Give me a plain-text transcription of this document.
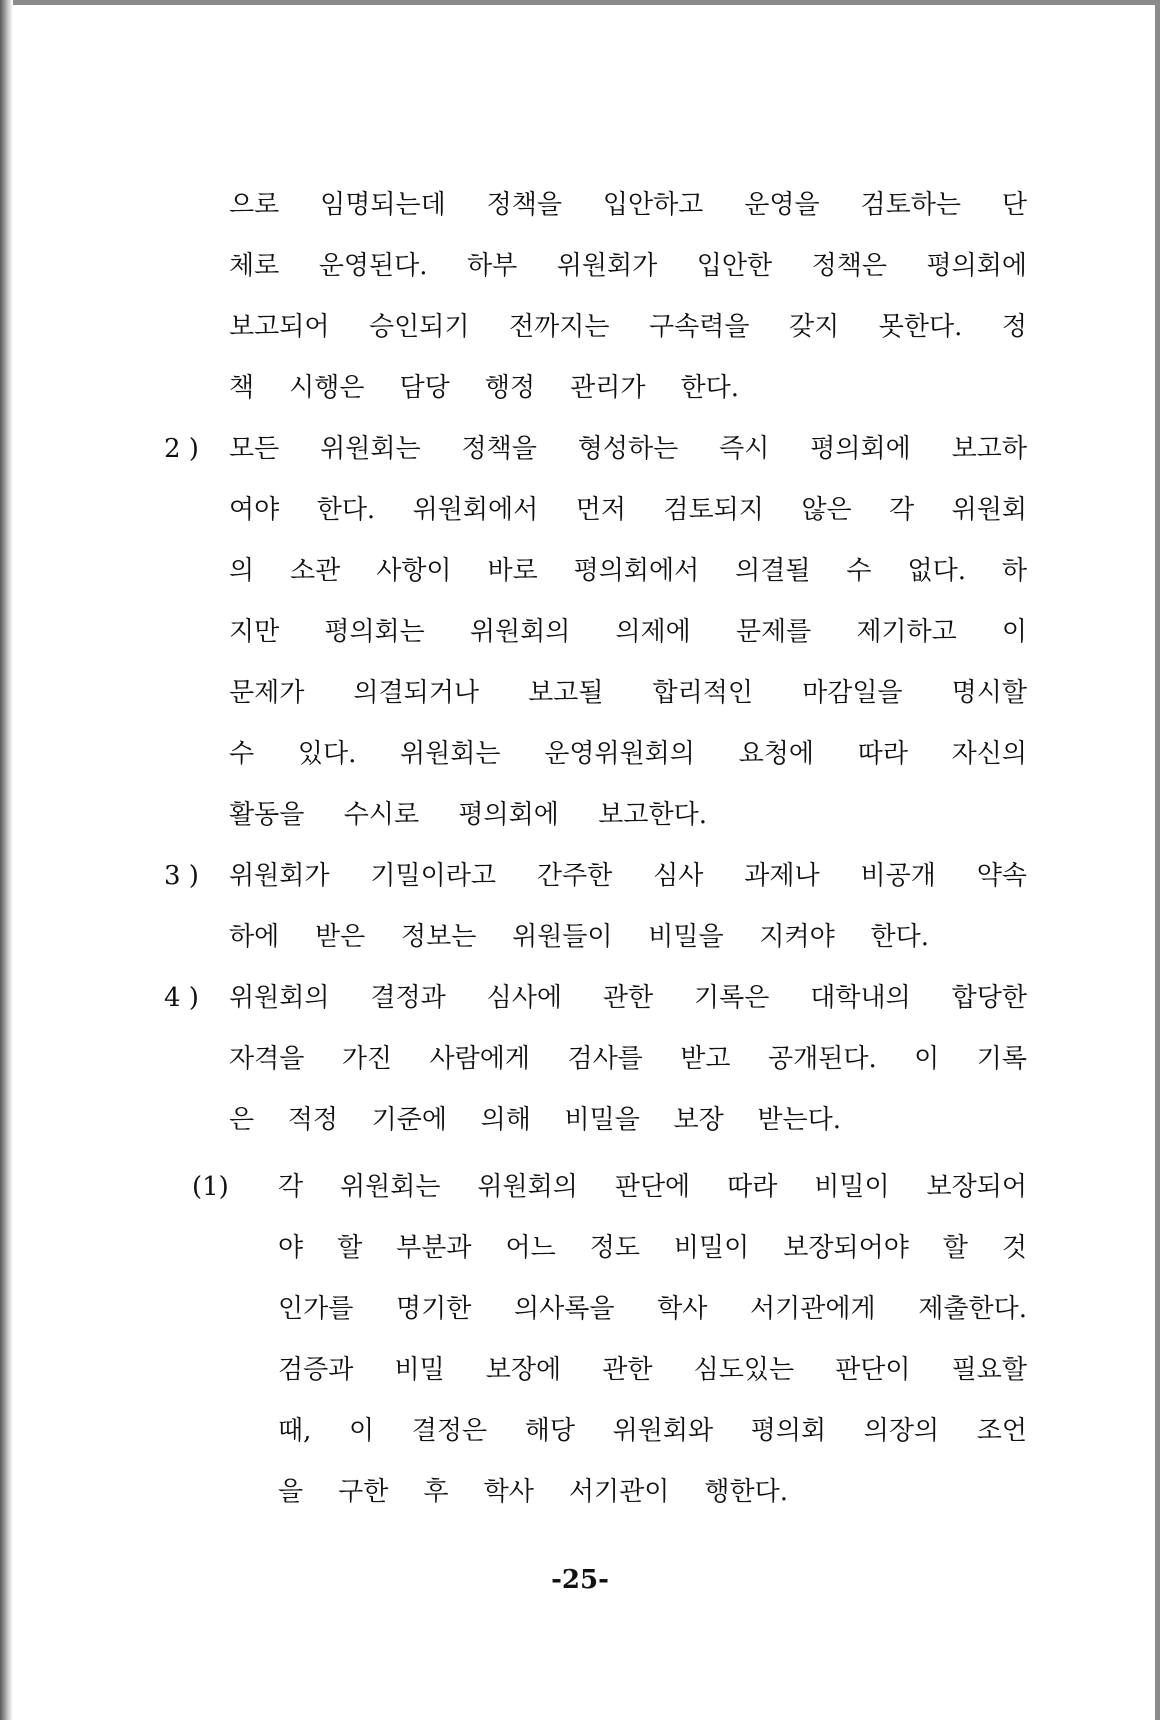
으로 임명되는데 정책을 입안하고 운영을 검토하는 단
체로 운영된다. 하부 위원회가 입안한 정책은 평의회에
보고되어 승인되기 전까지는 구속력을 갖지 못한다. 정
책 시행은 담당 행정 관리가 한다.
2 ) 모든 위원회는 정책을 형성하는 즉시 평의회에 보고하
여야 한다. 위원회에서 먼저 검토되지 않은 각 위원회
의 소관 사항이 바로 평의회에서 의결될 수 없다. 하
지만 평의회는 위원회의 의제에 문제를 제기하고 이
문제가 의결되거나 보고될 합리적인 마감일을 명시할
수 있다. 위원회는 운영위원회의 요청에 따라 자신의
활동을 수시로 평의회에 보고한다.
3 ) 위원회가 기밀이라고 간주한 심사 과제나 비공개 약속
하에 받은 정보는 위원들이 비밀을 지켜야 한다.
4 ) 위원회의 결정과 심사에 관한 기록은 대학내의 합당한
자격을 가진 사람에게 검사를 받고 공개된다. 이 기록
은 적정 기준에 의해 비밀을 보장 받는다.
(1) 각 위원회는 위원회의 판단에 따라 비밀이 보장되어
야 할 부분과 어느 정도 비밀이 보장되어야 할 것
인가를 명기한 의사록을 학사 서기관에게 제출한다.
검증과 비밀 보장에 관한 심도있는 판단이 필요할
때, 이 결정은 해당 위원회와 평의회 의장의 조언
을 구한 후 학사 서기관이 행한다.
-25-
